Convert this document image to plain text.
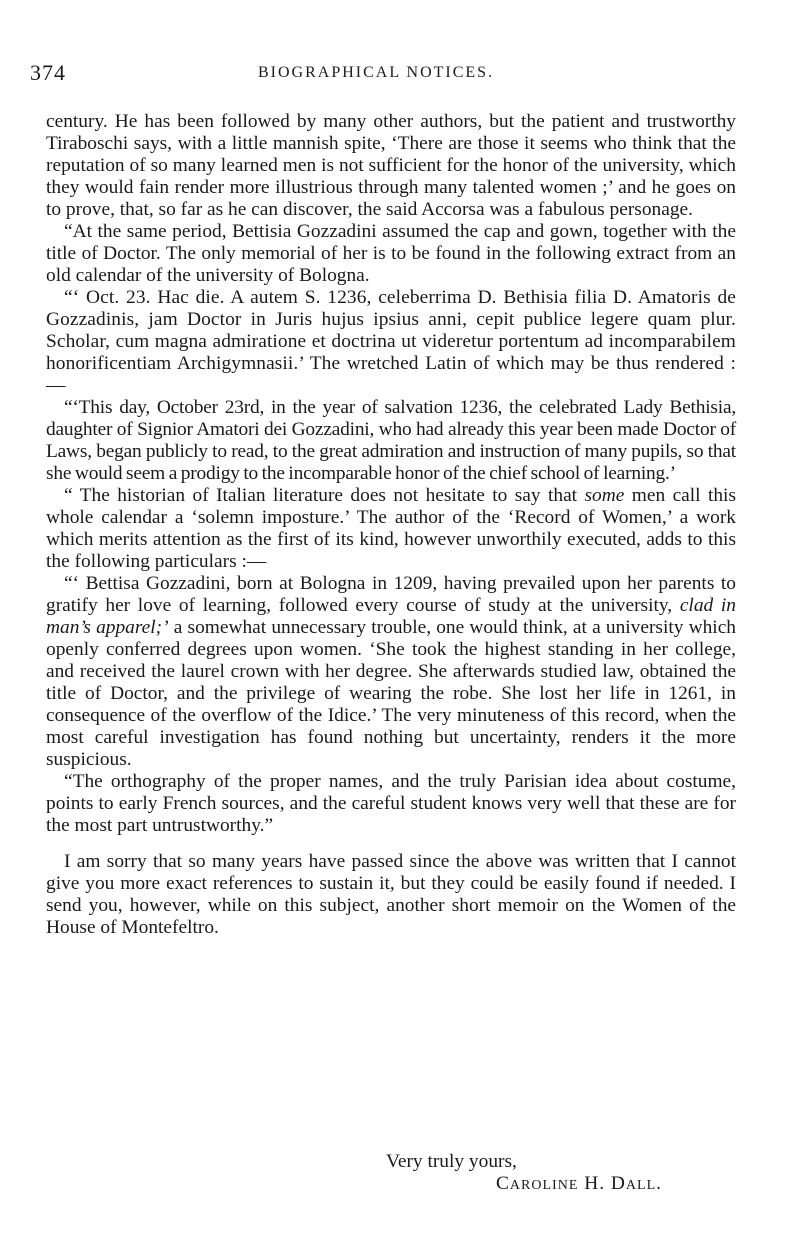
374	BIOGRAPHICAL NOTICES.

century. He has been followed by many other authors, but the patient and trustworthy Tiraboschi says, with a little mannish spite, ‘There are those it seems who think that the reputation of so many learned men is not sufficient for the honor of the university, which they would fain render more illustrious through many talented women ;’ and he goes on to prove, that, so far as he can discover, the said Accorsa was a fabulous personage.

“At the same period, Bettisia Gozzadini assumed the cap and gown, together with the title of Doctor. The only memorial of her is to be found in the following extract from an old calendar of the university of Bologna.

“‘ Oct. 23. Hac die. A autem S. 1236, celeberrima D. Bethisia filia D. Amatoris de Gozzadinis, jam Doctor in Juris hujus ipsius anni, cepit publice legere quam plur. Scholar, cum magna admiratione et doctrina ut videretur portentum ad incomparabilem honorificentiam Archigymnasii.’ The wretched Latin of which may be thus rendered :—

“‘This day, October 23rd, in the year of salvation 1236, the celebrated Lady Bethisia, daughter of Signior Amatori dei Gozzadini, who had already this year been made Doctor of Laws, began publicly to read, to the great admiration and instruction of many pupils, so that she would seem a prodigy to the incomparable honor of the chief school of learning.’

“ The historian of Italian literature does not hesitate to say that some men call this whole calendar a ‘solemn imposture.’ The author of the ‘Record of Women,’ a work which merits attention as the first of its kind, however unworthily executed, adds to this the following particulars :—

“‘ Bettisa Gozzadini, born at Bologna in 1209, having prevailed upon her parents to gratify her love of learning, followed every course of study at the university, clad in man’s apparel;’ a somewhat unnecessary trouble, one would think, at a university which openly conferred degrees upon women. ‘She took the highest standing in her college, and received the laurel crown with her degree. She afterwards studied law, obtained the title of Doctor, and the privilege of wearing the robe. She lost her life in 1261, in consequence of the overflow of the Idice.’ The very minuteness of this record, when the most careful investigation has found nothing but uncertainty, renders it the more suspicious.

“The orthography of the proper names, and the truly Parisian idea about costume, points to early French sources, and the careful student knows very well that these are for the most part untrustworthy.”

I am sorry that so many years have passed since the above was written that I cannot give you more exact references to sustain it, but they could be easily found if needed. I send you, however, while on this subject, another short memoir on the Women of the House of Montefeltro.

Very truly yours,
Caroline H. Dall.
